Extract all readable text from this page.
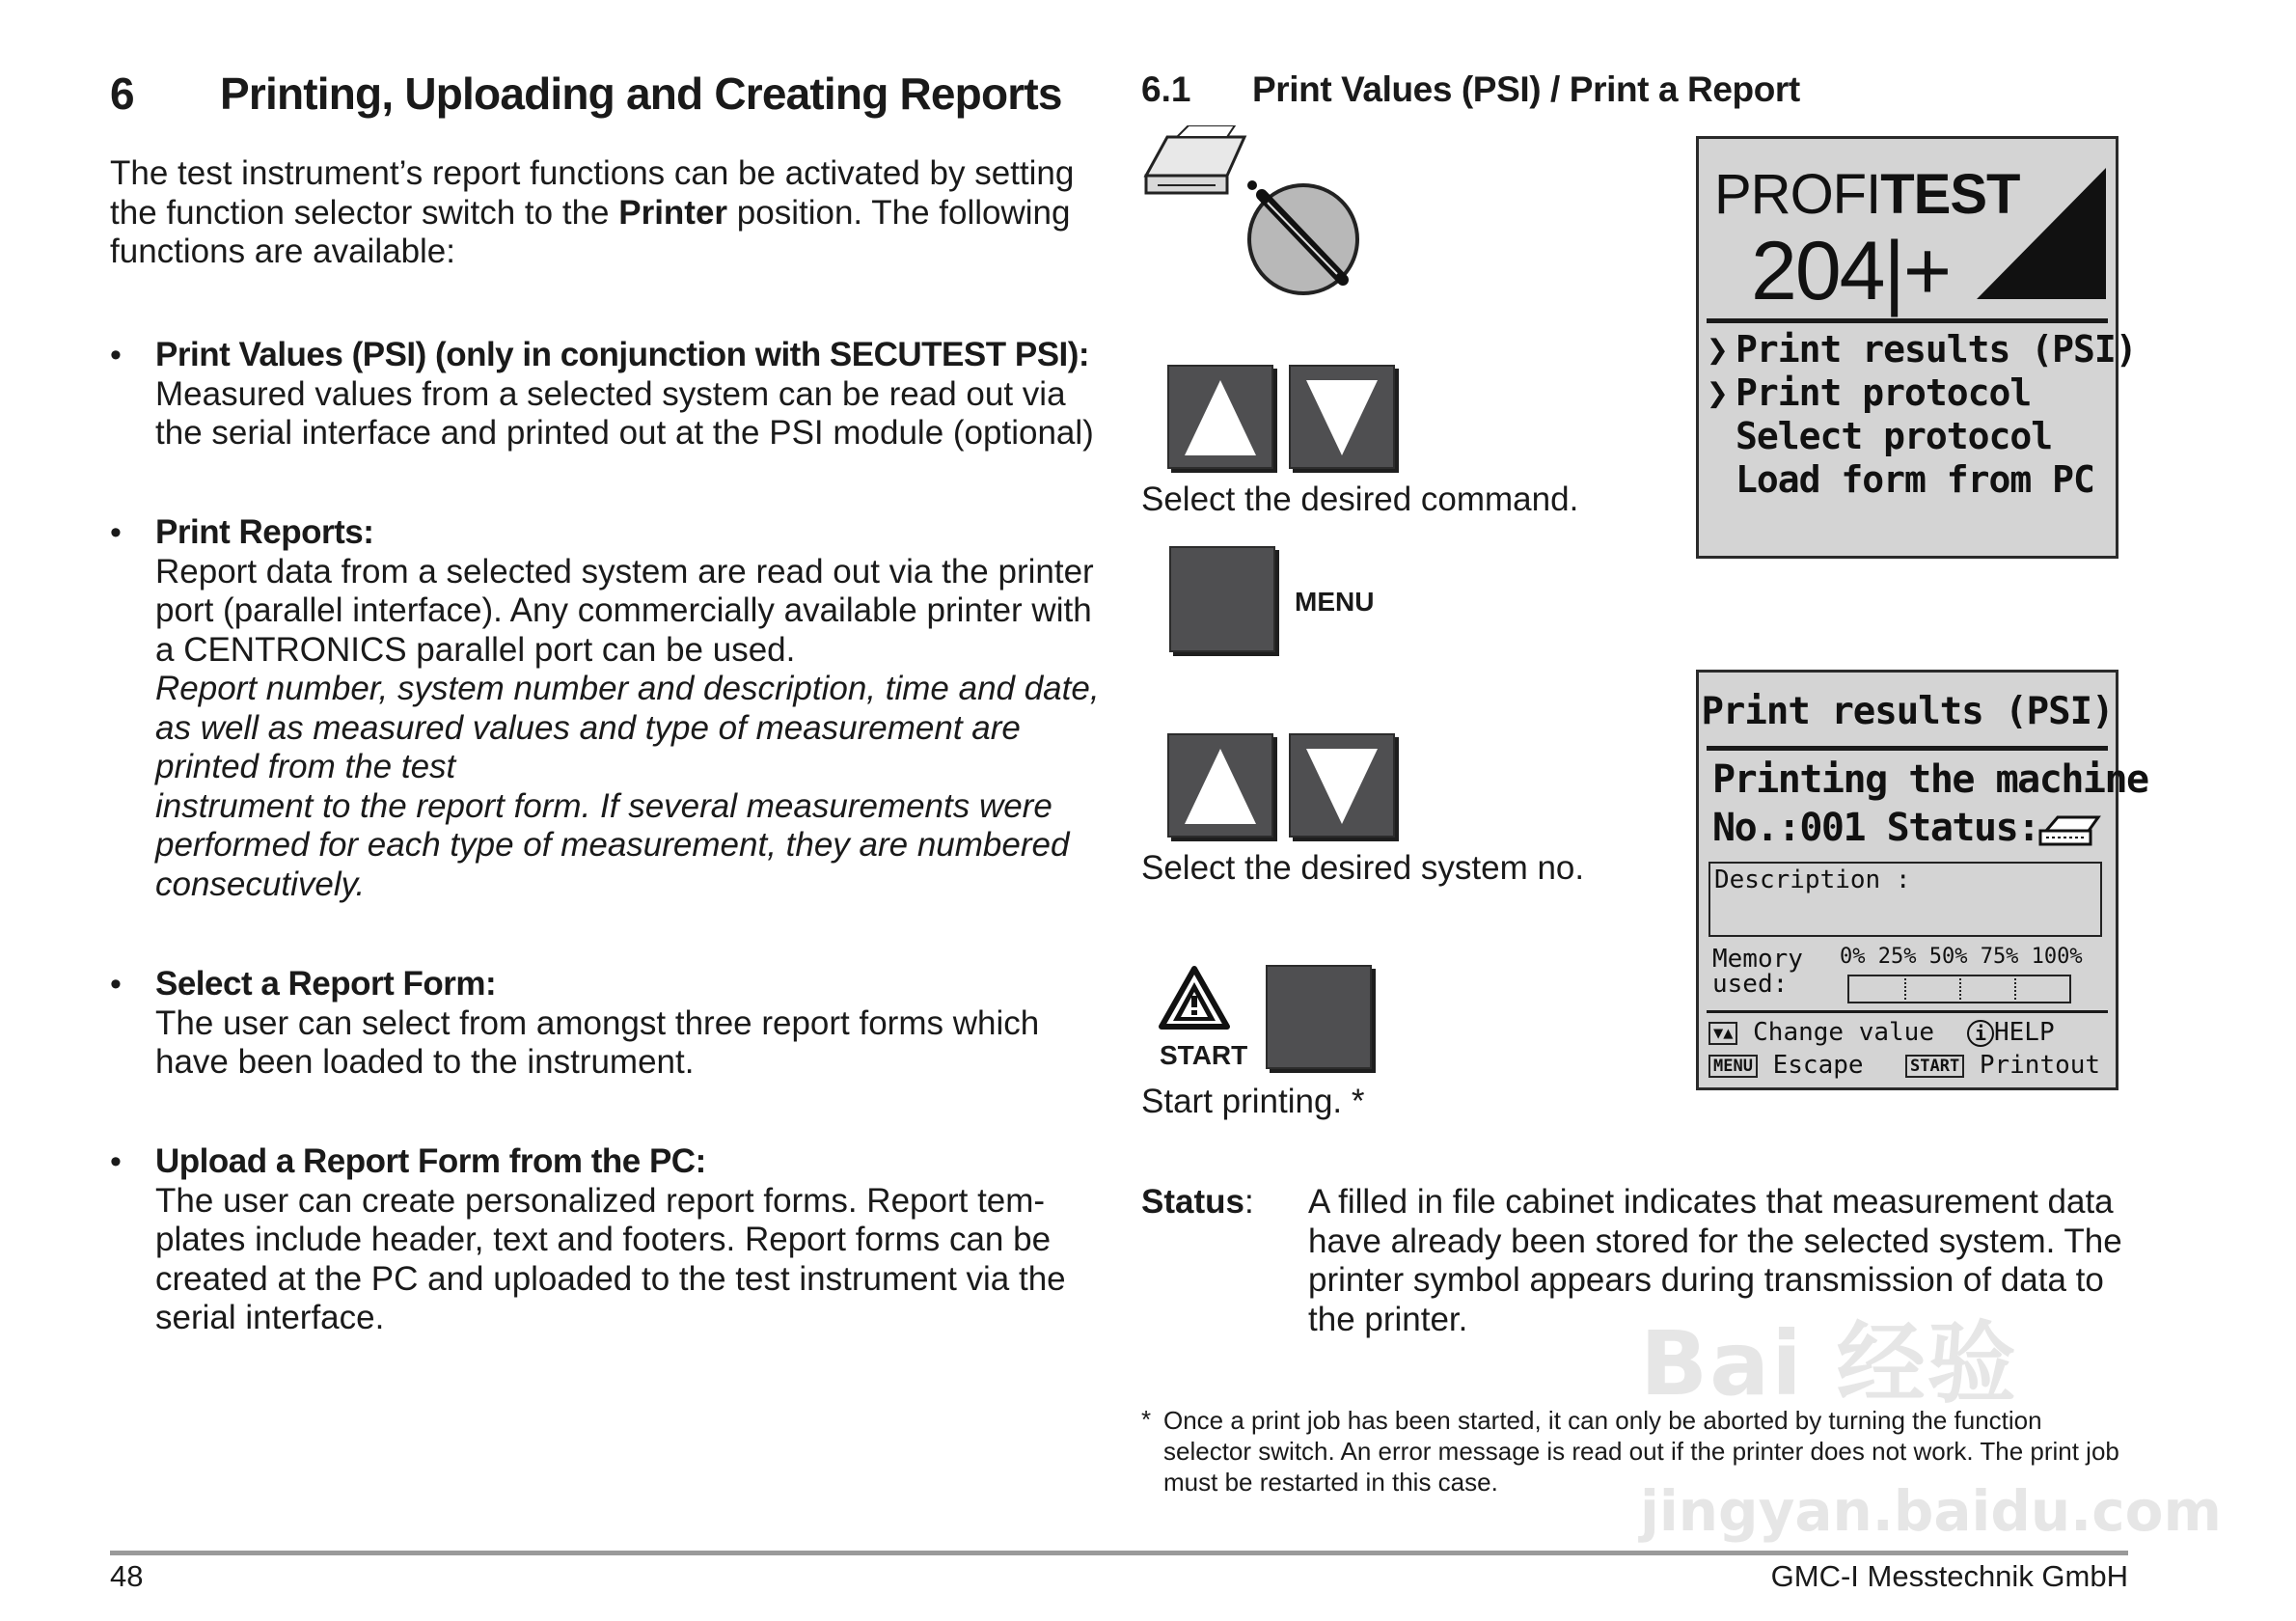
6 Printing, Uploading and Creating Reports
The test instrument’s report functions can be activated by setting the function selector switch to the Printer position. The following functions are available:
• Print Values (PSI) (only in conjunction with SECUTEST PSI):
Measured values from a selected system can be read out via the serial interface and printed out at the PSI module (optional)
• Print Reports:
Report data from a selected system are read out via the printer port (parallel interface). Any commercially available printer with a CENTRONICS parallel port can be used.
Report number, system number and description, time and date, as well as measured values and type of measurement are printed from the test
instrument to the report form. If several measurements were performed for each type of measurement, they are numbered consecutively.
• Select a Report Form:
The user can select from amongst three report forms which have been loaded to the instrument.
• Upload a Report Form from the PC:
The user can create personalized report forms. Report tem-plates include header, text and footers. Report forms can be created at the PC and uploaded to the test instrument via the serial interface.
6.1 Print Values (PSI) / Print a Report
Select the desired command.
MENU
Select the desired system no.
START
Start printing. *
PROFITEST
204|+
❯ Print results (PSI)
❯ Print protocol
Select protocol
Load form from PC
Print results (PSI)
Printing the machine
No.:001 Status:
Description :
Memory
used:
0% 25% 50% 75% 100%
▼▲ Change value	i HELP
MENU Escape	START Printout
Status: A filled in file cabinet indicates that measurement data have already been stored for the selected system. The printer symbol appears during transmission of data to the printer.
* Once a print job has been started, it can only be aborted by turning the function selector switch. An error message is read out if the printer does not work. The print job must be restarted in this case.
Bai 经验
jingyan.baidu.com
48	GMC-I Messtechnik GmbH
